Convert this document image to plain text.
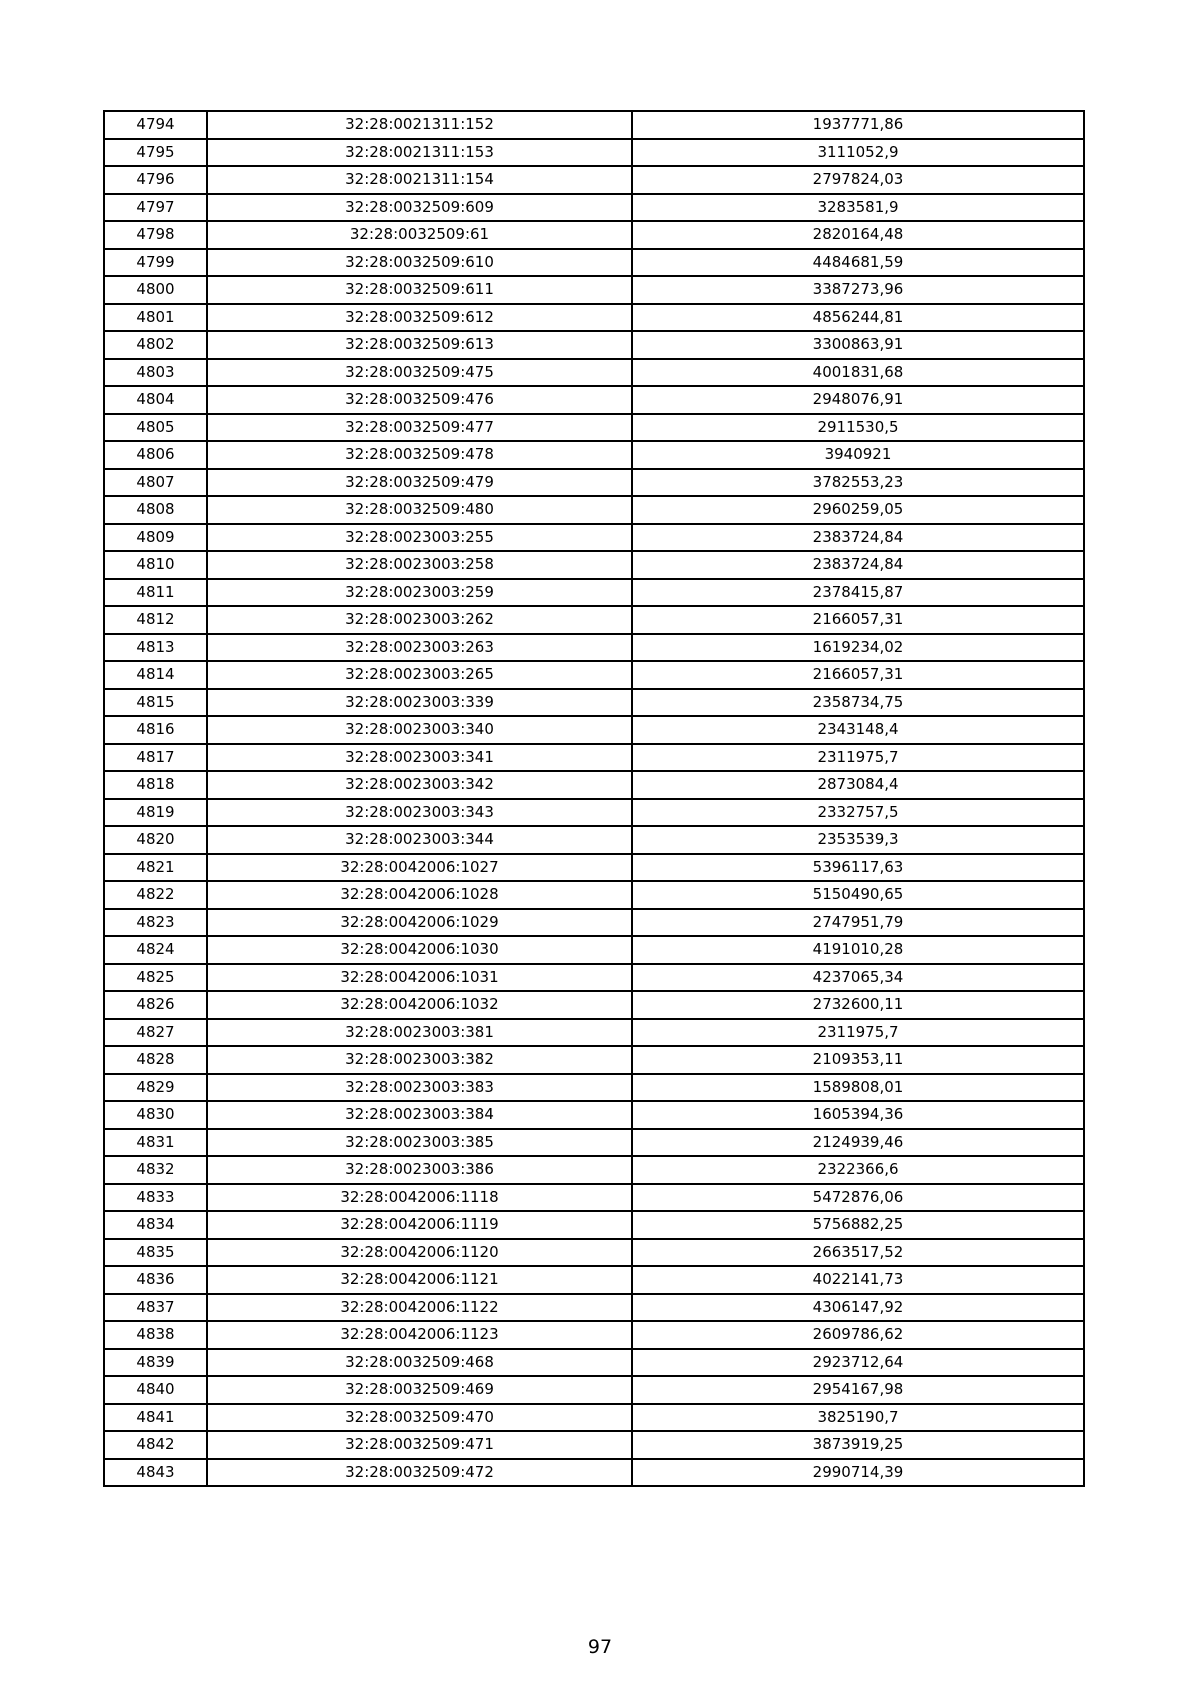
4794	32:28:0021311:152	1937771,86
4795	32:28:0021311:153	3111052,9
4796	32:28:0021311:154	2797824,03
4797	32:28:0032509:609	3283581,9
4798	32:28:0032509:61	2820164,48
4799	32:28:0032509:610	4484681,59
4800	32:28:0032509:611	3387273,96
4801	32:28:0032509:612	4856244,81
4802	32:28:0032509:613	3300863,91
4803	32:28:0032509:475	4001831,68
4804	32:28:0032509:476	2948076,91
4805	32:28:0032509:477	2911530,5
4806	32:28:0032509:478	3940921
4807	32:28:0032509:479	3782553,23
4808	32:28:0032509:480	2960259,05
4809	32:28:0023003:255	2383724,84
4810	32:28:0023003:258	2383724,84
4811	32:28:0023003:259	2378415,87
4812	32:28:0023003:262	2166057,31
4813	32:28:0023003:263	1619234,02
4814	32:28:0023003:265	2166057,31
4815	32:28:0023003:339	2358734,75
4816	32:28:0023003:340	2343148,4
4817	32:28:0023003:341	2311975,7
4818	32:28:0023003:342	2873084,4
4819	32:28:0023003:343	2332757,5
4820	32:28:0023003:344	2353539,3
4821	32:28:0042006:1027	5396117,63
4822	32:28:0042006:1028	5150490,65
4823	32:28:0042006:1029	2747951,79
4824	32:28:0042006:1030	4191010,28
4825	32:28:0042006:1031	4237065,34
4826	32:28:0042006:1032	2732600,11
4827	32:28:0023003:381	2311975,7
4828	32:28:0023003:382	2109353,11
4829	32:28:0023003:383	1589808,01
4830	32:28:0023003:384	1605394,36
4831	32:28:0023003:385	2124939,46
4832	32:28:0023003:386	2322366,6
4833	32:28:0042006:1118	5472876,06
4834	32:28:0042006:1119	5756882,25
4835	32:28:0042006:1120	2663517,52
4836	32:28:0042006:1121	4022141,73
4837	32:28:0042006:1122	4306147,92
4838	32:28:0042006:1123	2609786,62
4839	32:28:0032509:468	2923712,64
4840	32:28:0032509:469	2954167,98
4841	32:28:0032509:470	3825190,7
4842	32:28:0032509:471	3873919,25
4843	32:28:0032509:472	2990714,39
97
